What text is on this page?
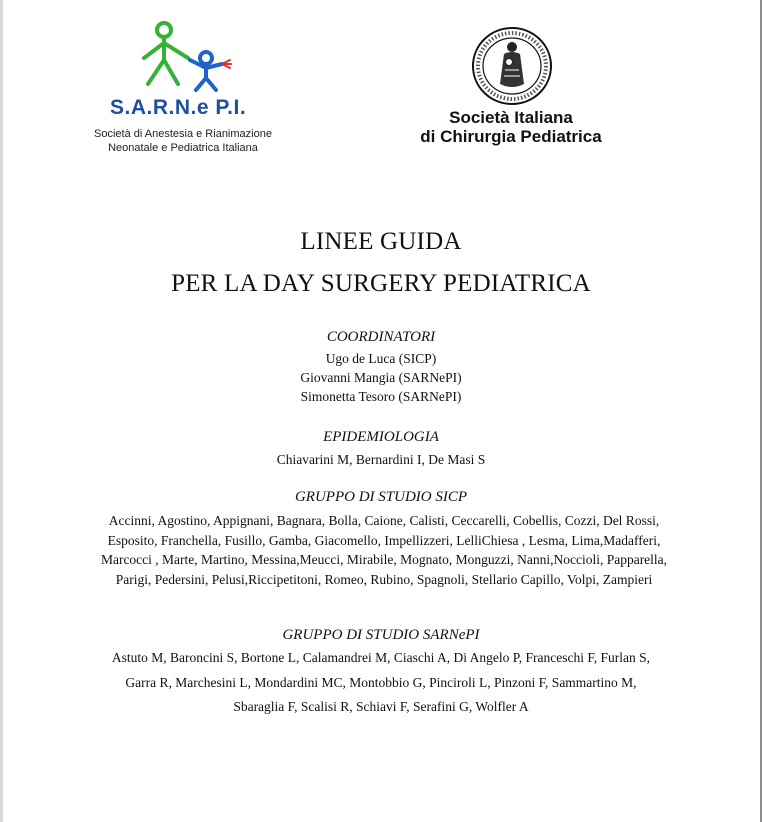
S.A.R.N.e P.I.
Società di Anestesia e Rianimazione
Neonatale e Pediatrica Italiana
Società Italiana
di Chirurgia Pediatrica
LINEE GUIDA
PER LA DAY SURGERY PEDIATRICA
COORDINATORI
Ugo de Luca (SICP)
Giovanni Mangia (SARNePI)
Simonetta Tesoro (SARNePI)
EPIDEMIOLOGIA
Chiavarini M, Bernardini I, De Masi S
GRUPPO DI STUDIO SICP
Accinni, Agostino, Appignani, Bagnara, Bolla, Caione, Calisti, Ceccarelli, Cobellis, Cozzi, Del Rossi, Esposito, Franchella, Fusillo, Gamba, Giacomello, Impellizzeri, LelliChiesa , Lesma, Lima,Madafferi, Marcocci , Marte, Martino, Messina,Meucci, Mirabile, Mognato, Monguzzi, Nanni,Noccioli, Papparella, Parigi, Pedersini, Pelusi,Riccipetitoni, Romeo, Rubino, Spagnoli, Stellario Capillo, Volpi, Zampieri
GRUPPO DI STUDIO SARNePI
Astuto M, Baroncini S, Bortone L, Calamandrei M, Ciaschi A, Di Angelo P, Franceschi F, Furlan S,
Garra R, Marchesini L, Mondardini MC, Montobbio G, Pinciroli L, Pinzoni F, Sammartino M,
Sbaraglia F, Scalisi R, Schiavi F, Serafini G, Wolfler A
